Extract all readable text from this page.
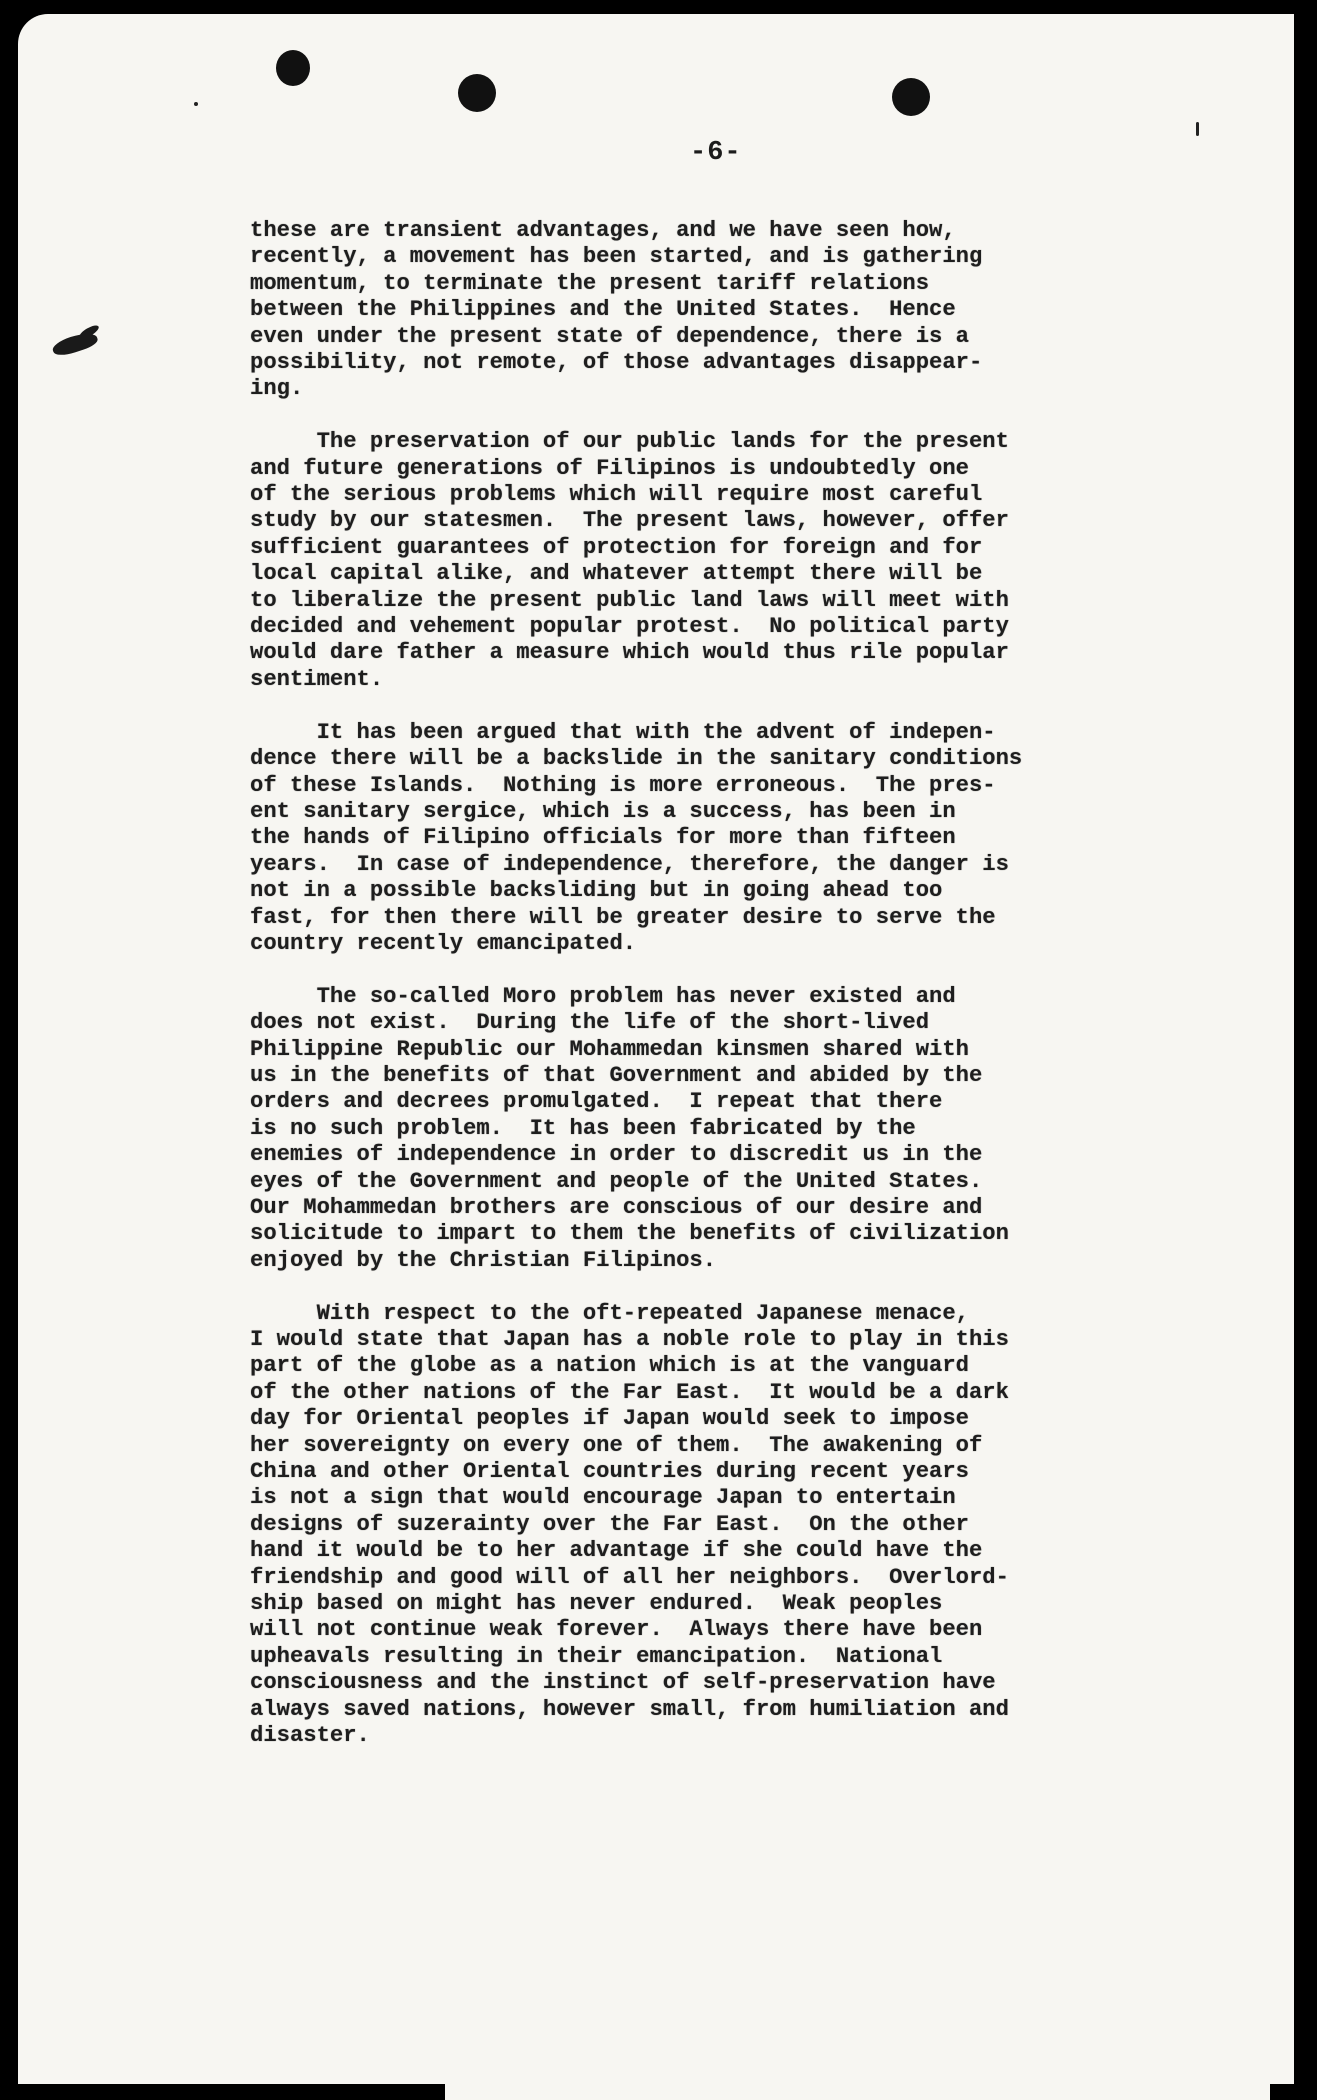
-6-

these are transient advantages, and we have seen how,
recently, a movement has been started, and is gathering
momentum, to terminate the present tariff relations
between the Philippines and the United States.  Hence
even under the present state of dependence, there is a
possibility, not remote, of those advantages disappear-
ing.

The preservation of our public lands for the present
and future generations of Filipinos is undoubtedly one
of the serious problems which will require most careful
study by our statesmen.  The present laws, however, offer
sufficient guarantees of protection for foreign and for
local capital alike, and whatever attempt there will be
to liberalize the present public land laws will meet with
decided and vehement popular protest.  No political party
would dare father a measure which would thus rile popular
sentiment.

It has been argued that with the advent of indepen-
dence there will be a backslide in the sanitary conditions
of these Islands.  Nothing is more erroneous.  The pres-
ent sanitary sergice, which is a success, has been in
the hands of Filipino officials for more than fifteen
years.  In case of independence, therefore, the danger is
not in a possible backsliding but in going ahead too
fast, for then there will be greater desire to serve the
country recently emancipated.

The so-called Moro problem has never existed and
does not exist.  During the life of the short-lived
Philippine Republic our Mohammedan kinsmen shared with
us in the benefits of that Government and abided by the
orders and decrees promulgated.  I repeat that there
is no such problem.  It has been fabricated by the
enemies of independence in order to discredit us in the
eyes of the Government and people of the United States.
Our Mohammedan brothers are conscious of our desire and
solicitude to impart to them the benefits of civilization
enjoyed by the Christian Filipinos.

With respect to the oft-repeated Japanese menace,
I would state that Japan has a noble role to play in this
part of the globe as a nation which is at the vanguard
of the other nations of the Far East.  It would be a dark
day for Oriental peoples if Japan would seek to impose
her sovereignty on every one of them.  The awakening of
China and other Oriental countries during recent years
is not a sign that would encourage Japan to entertain
designs of suzerainty over the Far East.  On the other
hand it would be to her advantage if she could have the
friendship and good will of all her neighbors.  Overlord-
ship based on might has never endured.  Weak peoples
will not continue weak forever.  Always there have been
upheavals resulting in their emancipation.  National
consciousness and the instinct of self-preservation have
always saved nations, however small, from humiliation and
disaster.
